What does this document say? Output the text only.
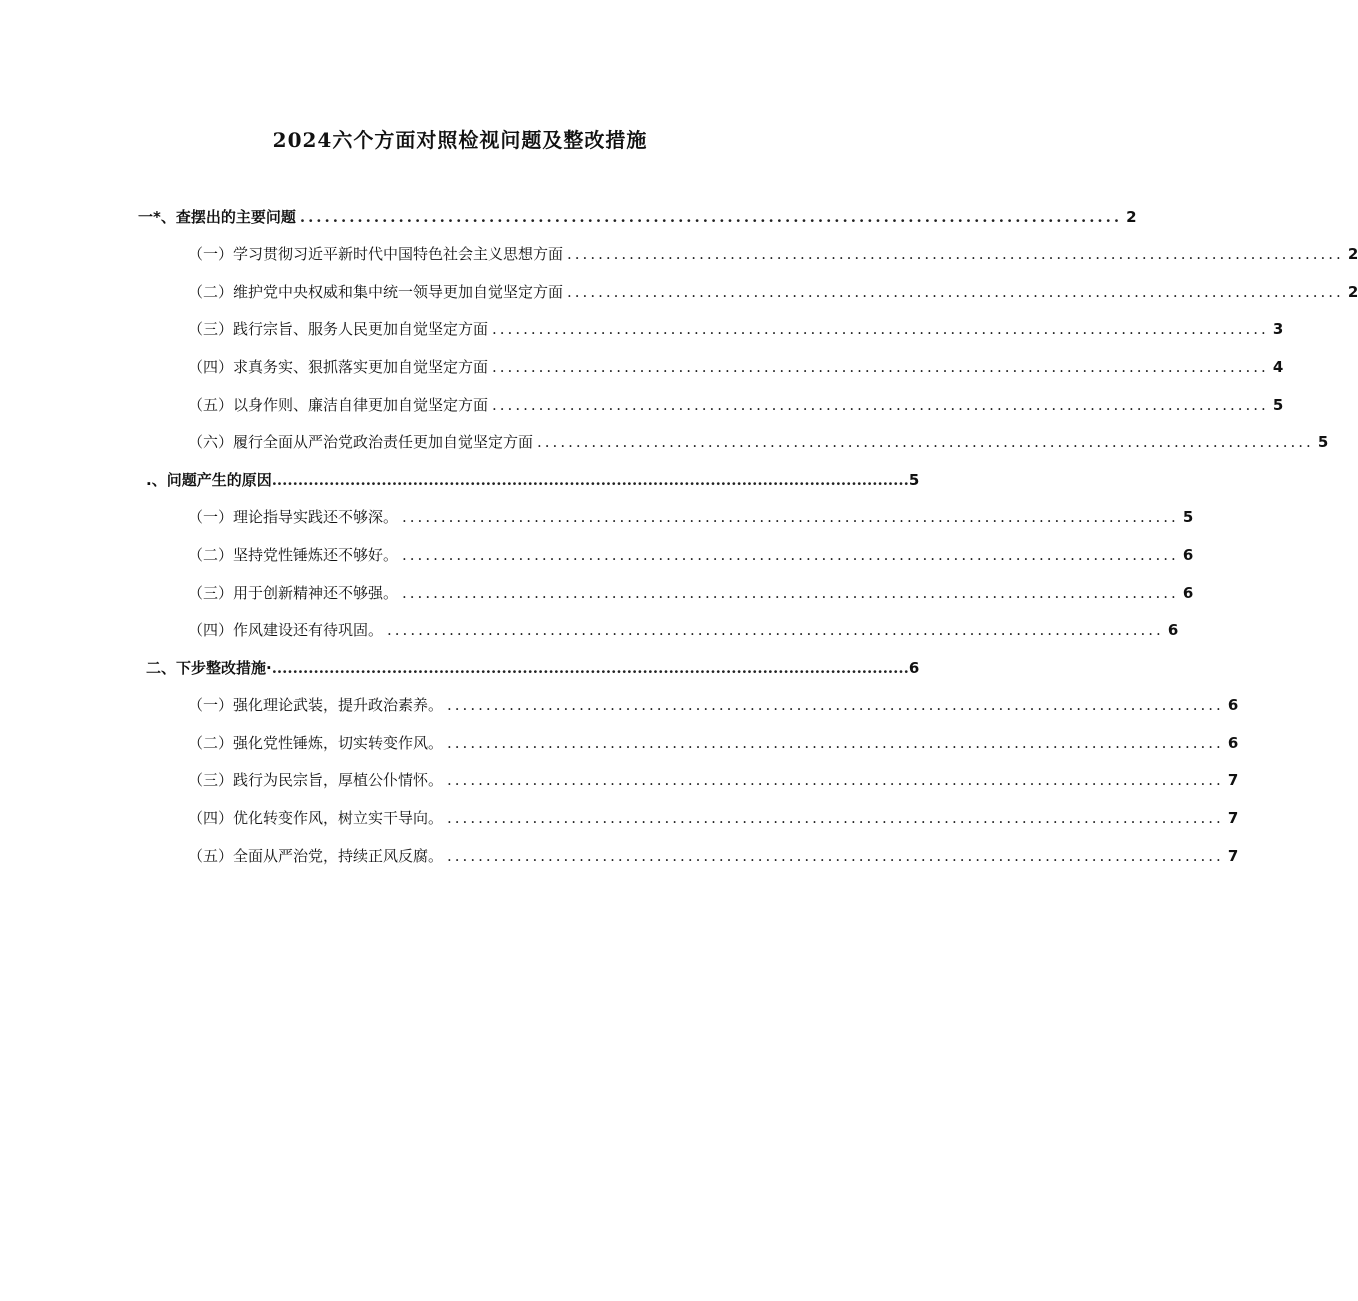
2024六个方面对照检视问题及整改措施
一*、查摆出的主要问题 .................................................................................................... 2
（一）学习贯彻习近平新时代中国特色社会主义思想方面 .................................................................................................... 2
（二）维护党中央权威和集中统一领导更加自觉坚定方面 .................................................................................................... 2
（三）践行宗旨、服务人民更加自觉坚定方面 .................................................................................................... 3
（四）求真务实、狠抓落实更加自觉坚定方面 .................................................................................................... 4
（五）以身作则、廉洁自律更加自觉坚定方面 .................................................................................................... 5
（六）履行全面从严治党政治责任更加自觉坚定方面 .................................................................................................... 5
.、问题产生的原因 .......................................................................................................................... 5
（一）理论指导实践还不够深。 .................................................................................................... 5
（二）坚持党性锤炼还不够好。 .................................................................................................... 6
（三）用于创新精神还不够强。 .................................................................................................... 6
（四）作风建设还有待巩固。 .................................................................................................... 6
二、下步整改措施· .......................................................................................................................... 6
（一）强化理论武装，提升政治素养。 .................................................................................................... 6
（二）强化党性锤炼，切实转变作风。 .................................................................................................... 6
（三）践行为民宗旨，厚植公仆情怀。 .................................................................................................... 7
（四）优化转变作风，树立实干导向。 .................................................................................................... 7
（五）全面从严治党，持续正风反腐。 .................................................................................................... 7
